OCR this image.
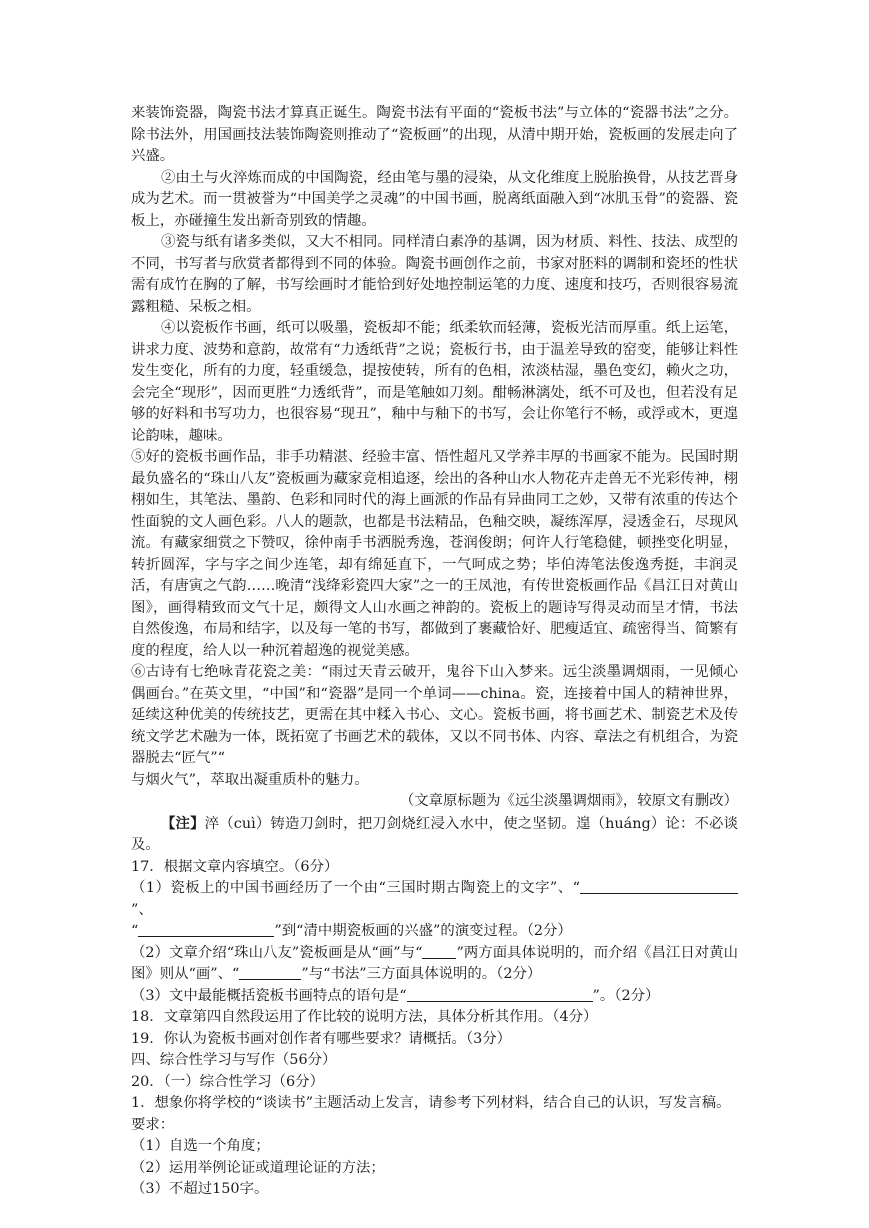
来装饰瓷器，陶瓷书法才算真正诞生。陶瓷书法有平面的“瓷板书法”与立体的“瓷器书法”之分。除书法外，用国画技法装饰陶瓷则推动了“瓷板画”的出现，从清中期开始，瓷板画的发展走向了兴盛。

②由土与火淬炼而成的中国陶瓷，经由笔与墨的浸染，从文化维度上脱胎换骨，从技艺晋身成为艺术。而一贯被誉为“中国美学之灵魂”的中国书画，脱离纸面融入到“冰肌玉骨”的瓷器、瓷板上，亦碰撞生发出新奇别致的情趣。

③瓷与纸有诸多类似，又大不相同。同样清白素净的基调，因为材质、料性、技法、成型的不同，书写者与欣赏者都得到不同的体验。陶瓷书画创作之前，书家对胚料的调制和瓷坯的性状需有成竹在胸的了解，书写绘画时才能恰到好处地控制运笔的力度、速度和技巧，否则很容易流露粗糙、呆板之相。

④以瓷板作书画，纸可以吸墨，瓷板却不能；纸柔软而轻薄，瓷板光洁而厚重。纸上运笔，讲求力度、波势和意韵，故常有“力透纸背”之说；瓷板行书，由于温差导致的窑变，能够让料性发生变化，所有的力度，轻重缓急，提按使转，所有的色相，浓淡枯湿，墨色变幻，赖火之功，会完全“现形”，因而更胜“力透纸背”，而是笔触如刀刻。酣畅淋漓处，纸不可及也，但若没有足够的好料和书写功力，也很容易“现丑”，釉中与釉下的书写，会让你笔行不畅，或浮或木，更遑论韵味，趣味。

⑤好的瓷板书画作品，非手功精湛、经验丰富、悟性超凡又学养丰厚的书画家不能为。民国时期最负盛名的“珠山八友”瓷板画为藏家竞相追逐，绘出的各种山水人物花卉走兽无不光彩传神，栩栩如生，其笔法、墨韵、色彩和同时代的海上画派的作品有异曲同工之妙，又带有浓重的传达个性面貌的文人画色彩。八人的题款，也都是书法精品，色釉交映，凝练浑厚，浸透金石，尽现风流。有藏家细赏之下赞叹，徐仲南手书洒脱秀逸，苍润俊朗；何许人行笔稳健，顿挫变化明显，转折圆浑，字与字之间少连笔，却有绵延直下，一气呵成之势；毕伯涛笔法俊逸秀挺，丰润灵活，有唐寅之气韵……晚清“浅绛彩瓷四大家”之一的王凤池，有传世瓷板画作品《昌江日对黄山图》，画得精致而文气十足，颇得文人山水画之神韵的。瓷板上的题诗写得灵动而呈才情，书法自然俊逸，布局和结字，以及每一笔的书写，都做到了裹藏恰好、肥瘦适宜、疏密得当、简繁有度的程度，给人以一种沉着超逸的视觉美感。

⑥古诗有七绝咏青花瓷之美：“雨过天青云破开，鬼谷下山入梦来。远尘淡墨调烟雨，一见倾心偶画台。”在英文里，“中国”和“瓷器”是同一个单词——china。瓷，连接着中国人的精神世界，延续这种优美的传统技艺，更需在其中糅入书心、文心。瓷板书画，将书画艺术、制瓷艺术及传统文学艺术融为一体，既拓宽了书画艺术的载体，又以不同书体、内容、章法之有机组合，为瓷器脱去“匠气”“

与烟火气”，萃取出凝重质朴的魅力。

（文章原标题为《远尘淡墨调烟雨》，较原文有删改）

【注】淬（cuì）铸造刀剑时，把刀剑烧红浸入水中，使之坚韧。遑（huáng）论：不必谈及。

17．根据文章内容填空。（6分）

（1）瓷板上的中国书画经历了一个由“三国时期古陶瓷上的文字”、“”、
“	”到“清中期瓷板画的兴盛”的演变过程。（2分）

（2）文章介绍“珠山八友”瓷板画是从“画”与“ ”两方面具体说明的，而介绍《昌江日对黄山图》则从“画”、“	”与“书法”三方面具体说明的。（2分）

（3）文中最能概括瓷板书画特点的语句是“	”。（2分）

18．文章第四自然段运用了作比较的说明方法，具体分析其作用。（4分）

19．你认为瓷板书画对创作者有哪些要求？请概括。（3分）

四、综合性学习与写作（56分）

20．（一）综合性学习（6分）

1．想象你将学校的“谈读书”主题活动上发言，请参考下列材料，结合自己的认识，写发言稿。

要求：

（1）自选一个角度；

（2）运用举例论证或道理论证的方法；

（3）不超过150字。
